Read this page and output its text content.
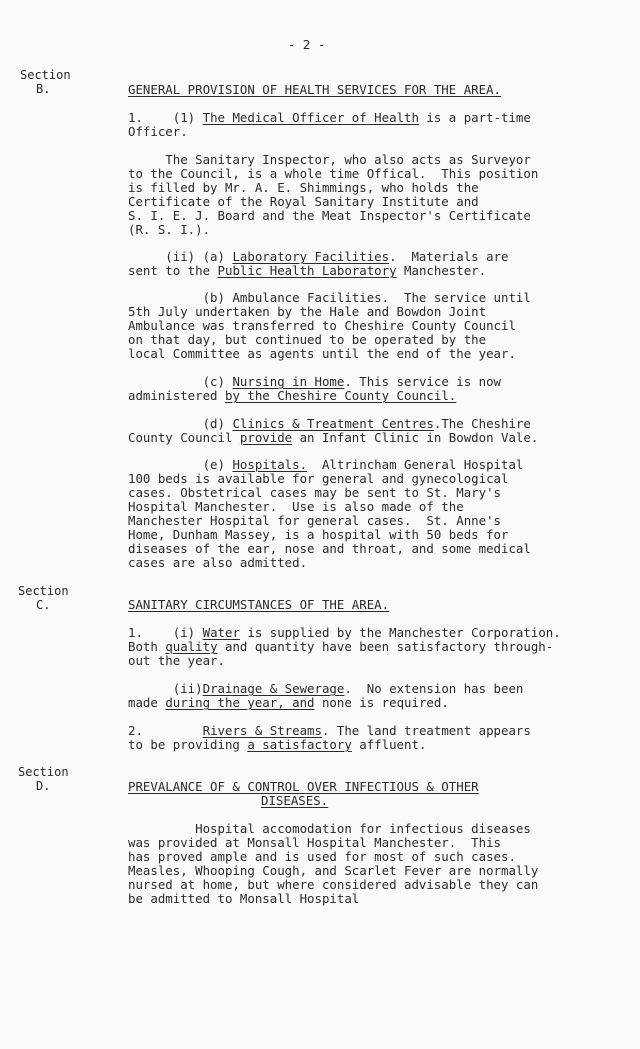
- 2 -
Section
B.	GENERAL PROVISION OF HEALTH SERVICES FOR THE AREA.
1.    (1) The Medical Officer of Health is a part-time
Officer.
The Sanitary Inspector, who also acts as Surveyor
to the Council, is a whole time Offical.  This position
is filled by Mr. A. E. Shimmings, who holds the
Certificate of the Royal Sanitary Institute and
S. I. E. J. Board and the Meat Inspector's Certificate
(R. S. I.).
(ii) (a) Laboratory Facilities.  Materials are
sent to the Public Health Laboratory Manchester.
(b) Ambulance Facilities.  The service until
5th July undertaken by the Hale and Bowdon Joint
Ambulance was transferred to Cheshire County Council
on that day, but continued to be operated by the
local Committee as agents until the end of the year.
(c) Nursing in Home. This service is now
administered by the Cheshire County Council.
(d) Clinics & Treatment Centres.The Cheshire
County Council provide an Infant Clinic in Bowdon Vale.
(e) Hospitals.  Altrincham General Hospital
100 beds is available for general and gynecological
cases. Obstetrical cases may be sent to St. Mary's
Hospital Manchester.  Use is also made of the
Manchester Hospital for general cases.  St. Anne's
Home, Dunham Massey, is a hospital with 50 beds for
diseases of the ear, nose and throat, and some medical
cases are also admitted.
Section
C.	SANITARY CIRCUMSTANCES OF THE AREA.
1.    (i) Water is supplied by the Manchester Corporation.
Both quality and quantity have been satisfactory through-
out the year.
(ii)Drainage & Sewerage.  No extension has been
made during the year, and none is required.
2.        Rivers & Streams. The land treatment appears
to be providing a satisfactory affluent.
Section
D.	PREVALANCE OF & CONTROL OVER INFECTIOUS & OTHER
DISEASES.
Hospital accomodation for infectious diseases
was provided at Monsall Hospital Manchester.  This
has proved ample and is used for most of such cases.
Measles, Whooping Cough, and Scarlet Fever are normally
nursed at home, but where considered advisable they can
be admitted to Monsall Hospital
